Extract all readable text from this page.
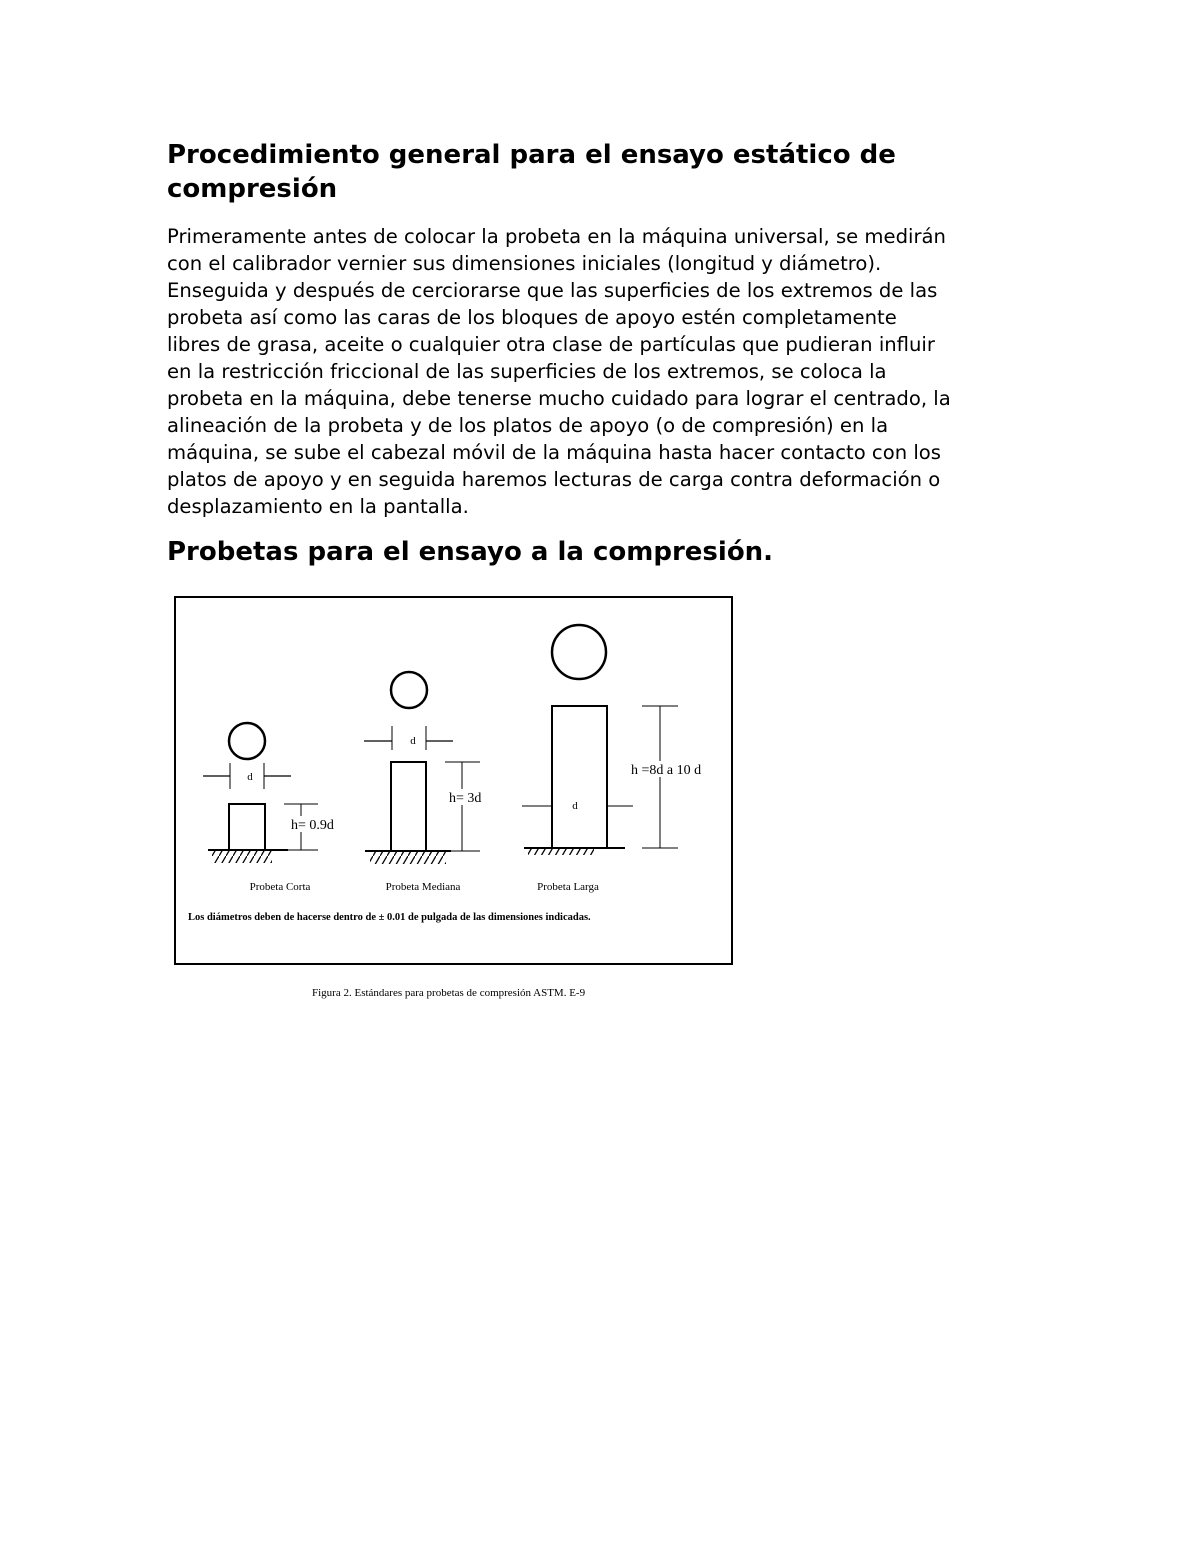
Procedimiento general para el ensayo estático de
compresión

Primeramente antes de colocar la probeta en la máquina universal, se medirán
con el calibrador vernier sus dimensiones iniciales (longitud y diámetro).
Enseguida y después de cerciorarse que las superficies de los extremos de las
probeta así como las caras de los bloques de apoyo estén completamente
libres de grasa, aceite o cualquier otra clase de partículas que pudieran influir
en la restricción friccional de las superficies de los extremos, se coloca la
probeta en la máquina, debe tenerse mucho cuidado para lograr el centrado, la
alineación de la probeta y de los platos de apoyo (o de compresión) en la
máquina, se sube el cabezal móvil de la máquina hasta hacer contacto con los
platos de apoyo y en seguida haremos lecturas de carga contra deformación o
desplazamiento en la pantalla.

Probetas para el ensayo a la compresión.
d
h= 0.9d
Probeta Corta
d
h= 3d
Probeta Mediana
d
h =8d a 10 d
Probeta Larga
Los diámetros deben de hacerse dentro de ± 0.01 de pulgada de las dimensiones indicadas.
Figura 2. Estándares para probetas de compresión ASTM. E-9
